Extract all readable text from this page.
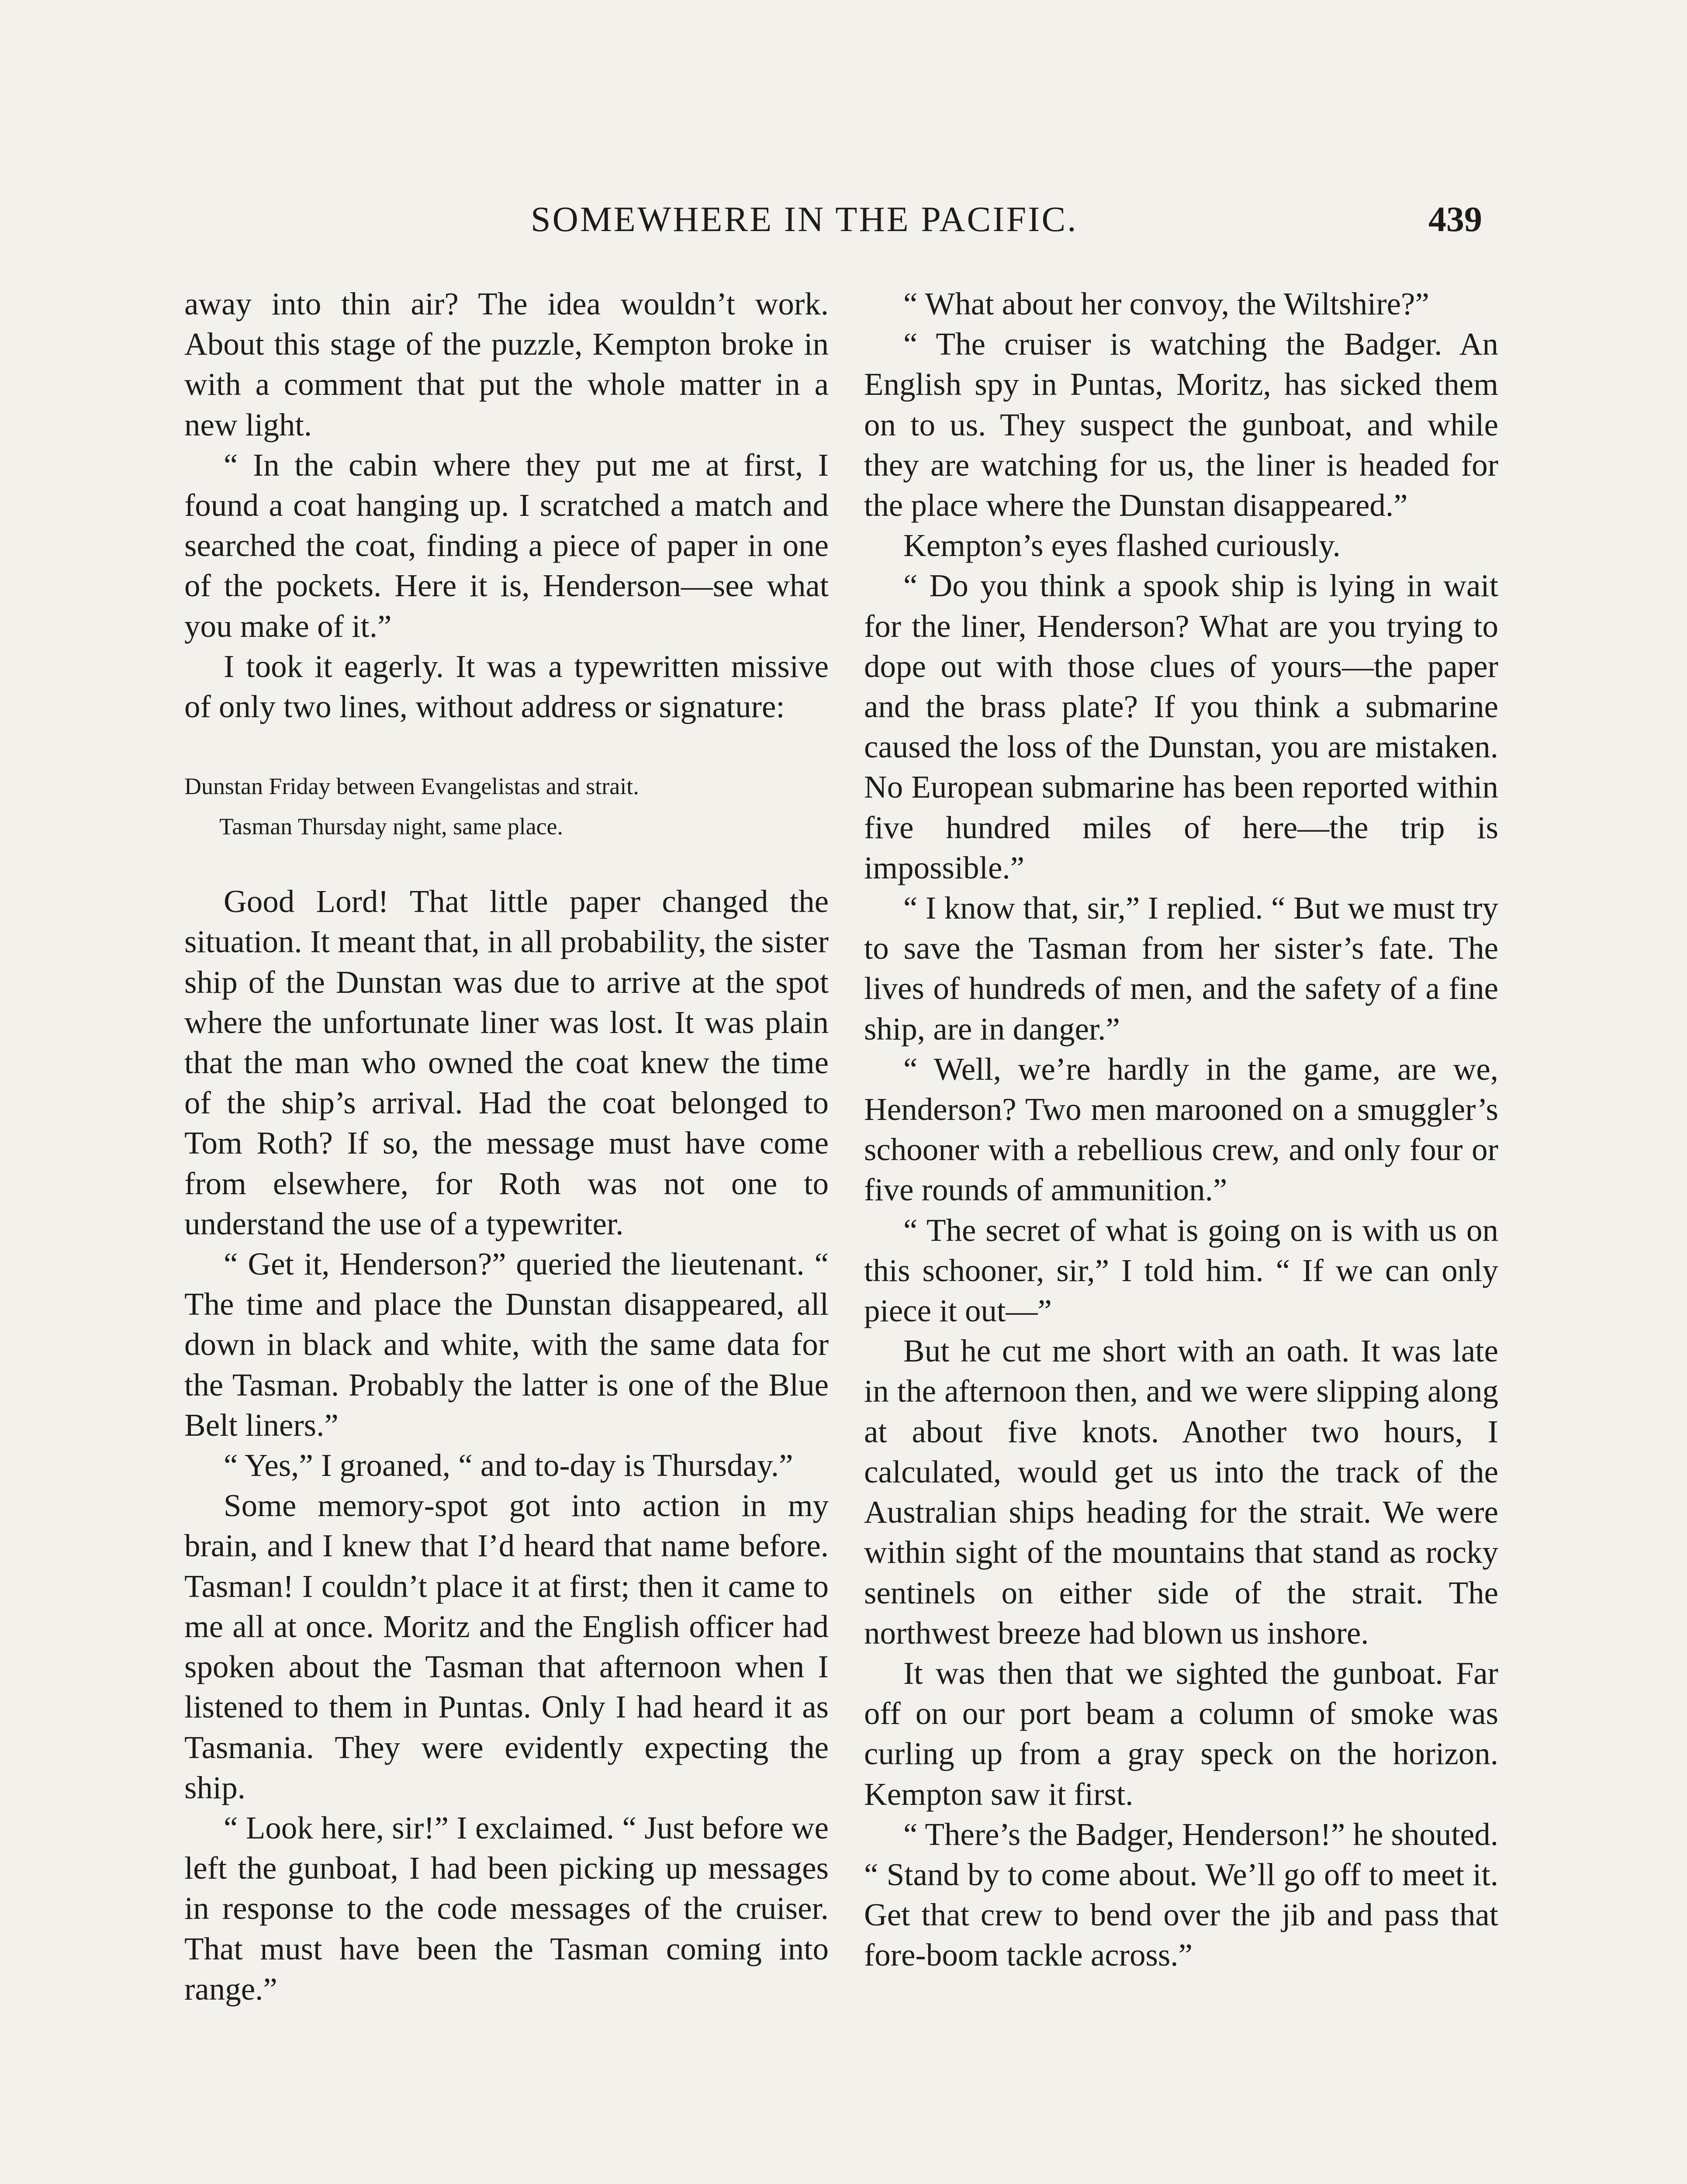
SOMEWHERE IN THE PACIFIC.	439

away into thin air? The idea wouldn’t work. About this stage of the puzzle, Kempton broke in with a comment that put the whole matter in a new light.

“ In the cabin where they put me at first, I found a coat hanging up. I scratched a match and searched the coat, finding a piece of paper in one of the pockets. Here it is, Henderson—see what you make of it.”

I took it eagerly. It was a typewritten missive of only two lines, without address or signature:

Dunstan Friday between Evangelistas and strait.

Tasman Thursday night, same place.

Good Lord! That little paper changed the situation. It meant that, in all probability, the sister ship of the Dunstan was due to arrive at the spot where the unfortunate liner was lost. It was plain that the man who owned the coat knew the time of the ship’s arrival. Had the coat belonged to Tom Roth? If so, the message must have come from elsewhere, for Roth was not one to understand the use of a typewriter.

“ Get it, Henderson?” queried the lieutenant. “ The time and place the Dunstan disappeared, all down in black and white, with the same data for the Tasman. Probably the latter is one of the Blue Belt liners.”

“ Yes,” I groaned, “ and to-day is Thursday.”

Some memory-spot got into action in my brain, and I knew that I’d heard that name before. Tasman! I couldn’t place it at first; then it came to me all at once. Moritz and the English officer had spoken about the Tasman that afternoon when I listened to them in Puntas. Only I had heard it as Tasmania. They were evidently expecting the ship.

“ Look here, sir!” I exclaimed. “ Just before we left the gunboat, I had been picking up messages in response to the code messages of the cruiser. That must have been the Tasman coming into range.”

“ What about her convoy, the Wiltshire?”

“ The cruiser is watching the Badger. An English spy in Puntas, Moritz, has sicked them on to us. They suspect the gunboat, and while they are watching for us, the liner is headed for the place where the Dunstan disappeared.”

Kempton’s eyes flashed curiously.

“ Do you think a spook ship is lying in wait for the liner, Henderson? What are you trying to dope out with those clues of yours—the paper and the brass plate? If you think a submarine caused the loss of the Dunstan, you are mistaken. No European submarine has been reported within five hundred miles of here—the trip is impossible.”

“ I know that, sir,” I replied. “ But we must try to save the Tasman from her sister’s fate. The lives of hundreds of men, and the safety of a fine ship, are in danger.”

“ Well, we’re hardly in the game, are we, Henderson? Two men marooned on a smuggler’s schooner with a rebellious crew, and only four or five rounds of ammunition.”

“ The secret of what is going on is with us on this schooner, sir,” I told him. “ If we can only piece it out—”

But he cut me short with an oath. It was late in the afternoon then, and we were slipping along at about five knots. Another two hours, I calculated, would get us into the track of the Australian ships heading for the strait. We were within sight of the mountains that stand as rocky sentinels on either side of the strait. The northwest breeze had blown us inshore.

It was then that we sighted the gunboat. Far off on our port beam a column of smoke was curling up from a gray speck on the horizon. Kempton saw it first.

“ There’s the Badger, Henderson!” he shouted. “ Stand by to come about. We’ll go off to meet it. Get that crew to bend over the jib and pass that fore-boom tackle across.”
